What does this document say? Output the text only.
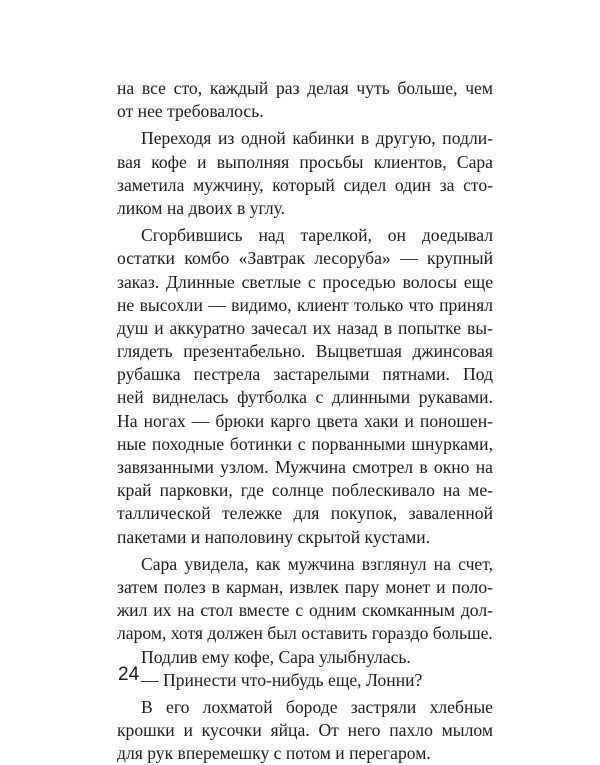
на все сто, каждый раз делая чуть больше, чем
от нее требовалось.
Переходя из одной кабинки в другую, подли-
вая кофе и выполняя просьбы клиентов, Сара
заметила мужчину, который сидел один за сто-
ликом на двоих в углу.
Сгорбившись над тарелкой, он доедывал
остатки комбо «Завтрак лесоруба» — крупный
заказ. Длинные светлые с проседью волосы еще
не высохли — видимо, клиент только что принял
душ и аккуратно зачесал их назад в попытке вы-
глядеть презентабельно. Выцветшая джинсовая
рубашка пестрела застарелыми пятнами. Под
ней виднелась футболка с длинными рукавами.
На ногах — брюки карго цвета хаки и поношен-
ные походные ботинки с порванными шнурками,
завязанными узлом. Мужчина смотрел в окно на
край парковки, где солнце поблескивало на ме-
таллической тележке для покупок, заваленной
пакетами и наполовину скрытой кустами.
Сара увидела, как мужчина взглянул на счет,
затем полез в карман, извлек пару монет и поло-
жил их на стол вместе с одним скомканным дол-
ларом, хотя должен был оставить гораздо больше.
Подлив ему кофе, Сара улыбнулась.
— Принести что-нибудь еще, Лонни?
В его лохматой бороде застряли хлебные
крошки и кусочки яйца. От него пахло мылом
для рук вперемешку с потом и перегаром.
24
